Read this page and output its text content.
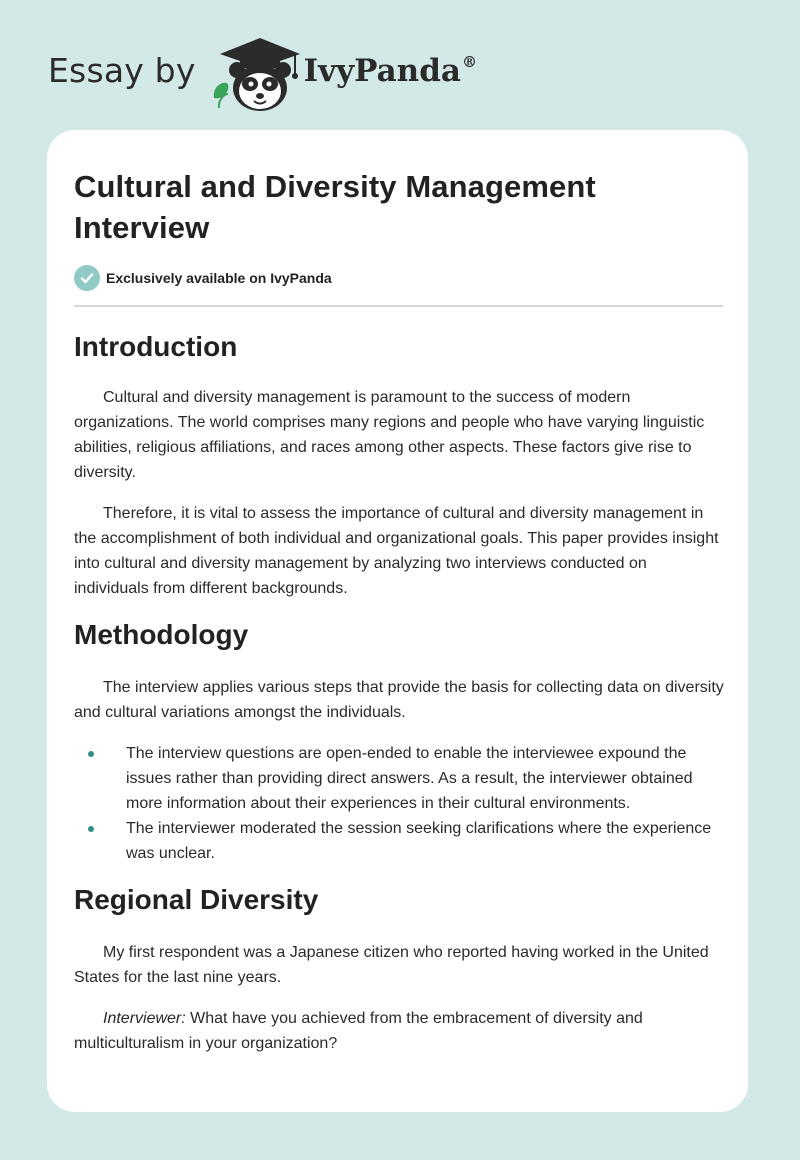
Essay by	IvyPanda®
Cultural and Diversity Management Interview
Exclusively available on IvyPanda
Introduction

Cultural and diversity management is paramount to the success of modern organizations. The world comprises many regions and people who have varying linguistic abilities, religious affiliations, and races among other aspects. These factors give rise to diversity.

Therefore, it is vital to assess the importance of cultural and diversity management in the accomplishment of both individual and organizational goals. This paper provides insight into cultural and diversity management by analyzing two interviews conducted on individuals from different backgrounds.

Methodology

The interview applies various steps that provide the basis for collecting data on diversity and cultural variations amongst the individuals.

The interview questions are open-ended to enable the interviewee expound the issues rather than providing direct answers. As a result, the interviewer obtained more information about their experiences in their cultural environments.
The interviewer moderated the session seeking clarifications where the experience was unclear.
Regional Diversity

My first respondent was a Japanese citizen who reported having worked in the United States for the last nine years.

Interviewer: What have you achieved from the embracement of diversity and multiculturalism in your organization?
